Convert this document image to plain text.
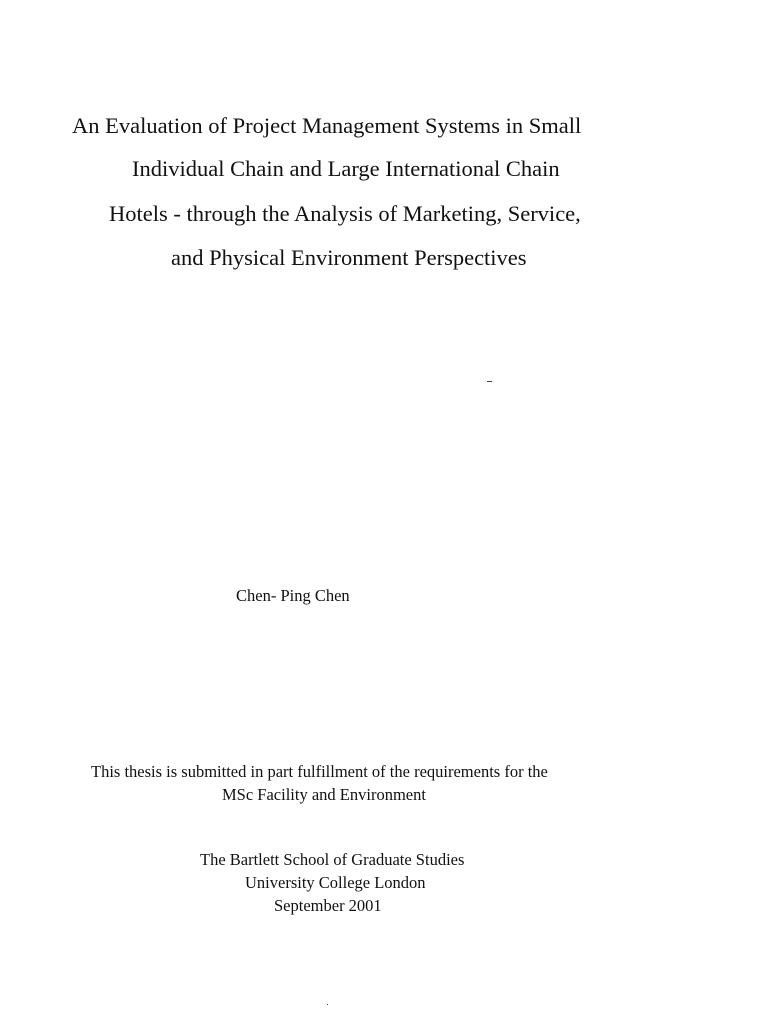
An Evaluation of Project Management Systems in Small
Individual Chain and Large International Chain
Hotels - through the Analysis of Marketing, Service,
and Physical Environment Perspectives
Chen- Ping Chen
This thesis is submitted in part fulfillment of the requirements for the
MSc Facility and Environment
The Bartlett School of Graduate Studies
University College London
September 2001
